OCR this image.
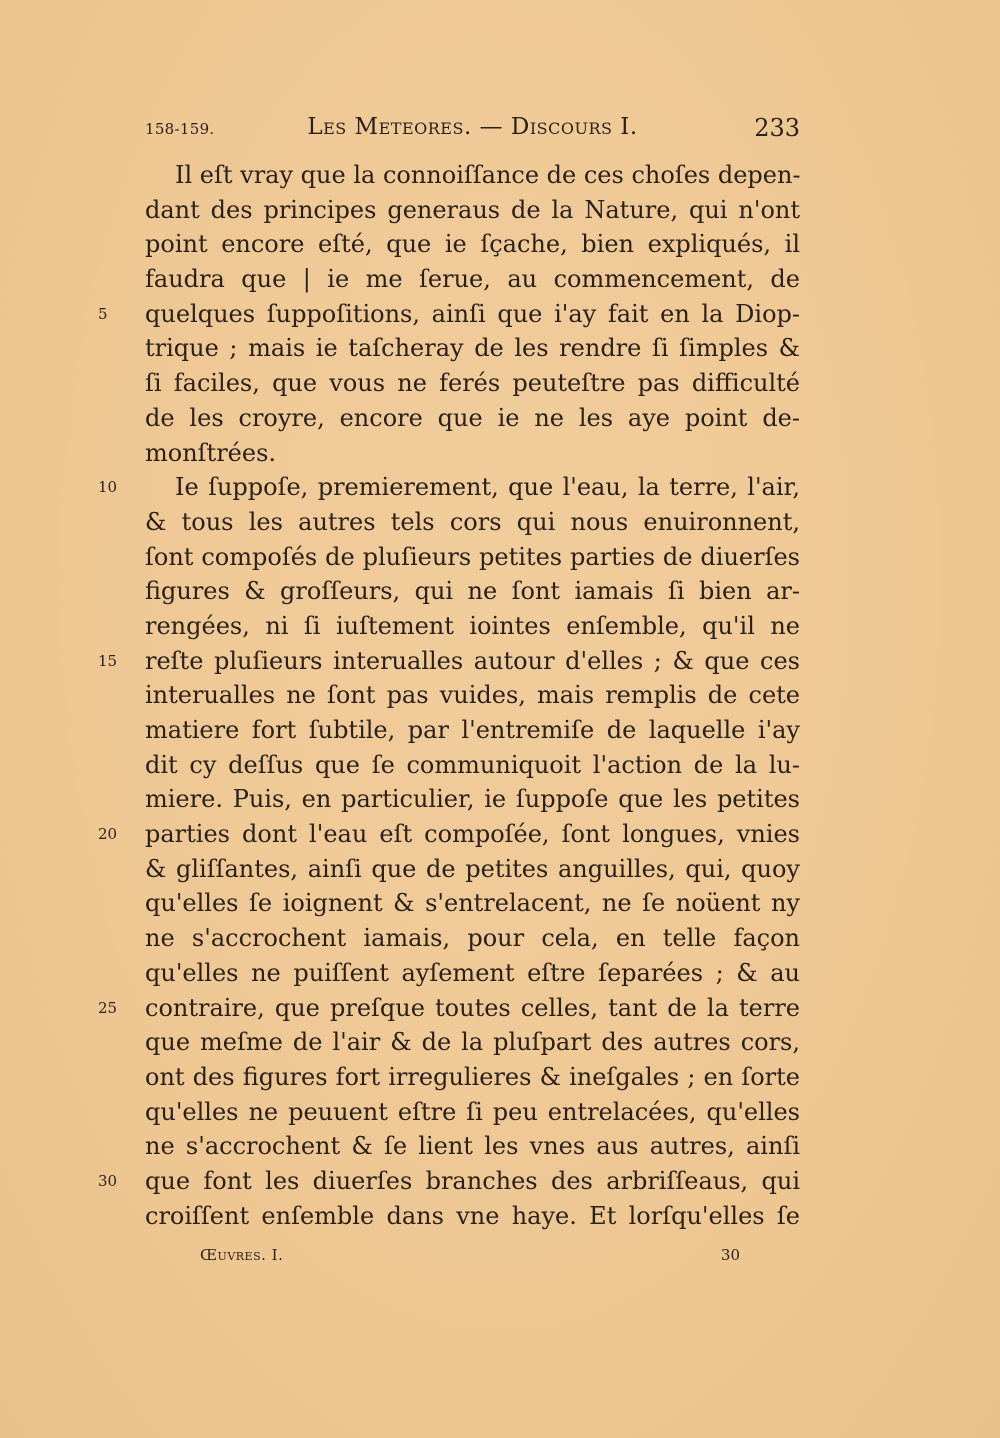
158-159.	Les Meteores. — Discours I.	233
Il eſt vray que la connoiſſance de ces choſes depen-
dant des principes generaus de la Nature, qui n'ont
point encore eſté, que ie ſçache, bien expliqués, il
faudra que | ie me ſerue, au commencement, de
5	quelques ſuppoſitions, ainſi que i'ay fait en la Diop-
trique ; mais ie taſcheray de les rendre ſi ſimples &
ſi faciles, que vous ne ferés peuteſtre pas difficulté
de les croyre, encore que ie ne les aye point de-
monſtrées.
10 Ie ſuppoſe, premierement, que l'eau, la terre, l'air,
& tous les autres tels cors qui nous enuironnent,
ſont compoſés de pluſieurs petites parties de diuerſes
figures & groſſeurs, qui ne ſont iamais ſi bien ar-
rengées, ni ſi iuſtement iointes enſemble, qu'il ne
15 reſte pluſieurs interualles autour d'elles ; & que ces
interualles ne ſont pas vuides, mais remplis de cete
matiere fort ſubtile, par l'entremiſe de laquelle i'ay
dit cy deſſus que ſe communiquoit l'action de la lu-
miere. Puis, en particulier, ie ſuppoſe que les petites
20 parties dont l'eau eſt compoſée, ſont longues, vnies
& gliſſantes, ainſi que de petites anguilles, qui, quoy
qu'elles ſe ioignent & s'entrelacent, ne ſe noüent ny
ne s'accrochent iamais, pour cela, en telle façon
qu'elles ne puiſſent ayſement eſtre ſeparées ; & au
25 contraire, que preſque toutes celles, tant de la terre
que meſme de l'air & de la pluſpart des autres cors,
ont des figures fort irregulieres & ineſgales ; en ſorte
qu'elles ne peuuent eſtre ſi peu entrelacées, qu'elles
ne s'accrochent & ſe lient les vnes aus autres, ainſi
30 que font les diuerſes branches des arbriſſeaus, qui
croiſſent enſemble dans vne haye. Et lorſqu'elles ſe
Œuvres. I.	30
